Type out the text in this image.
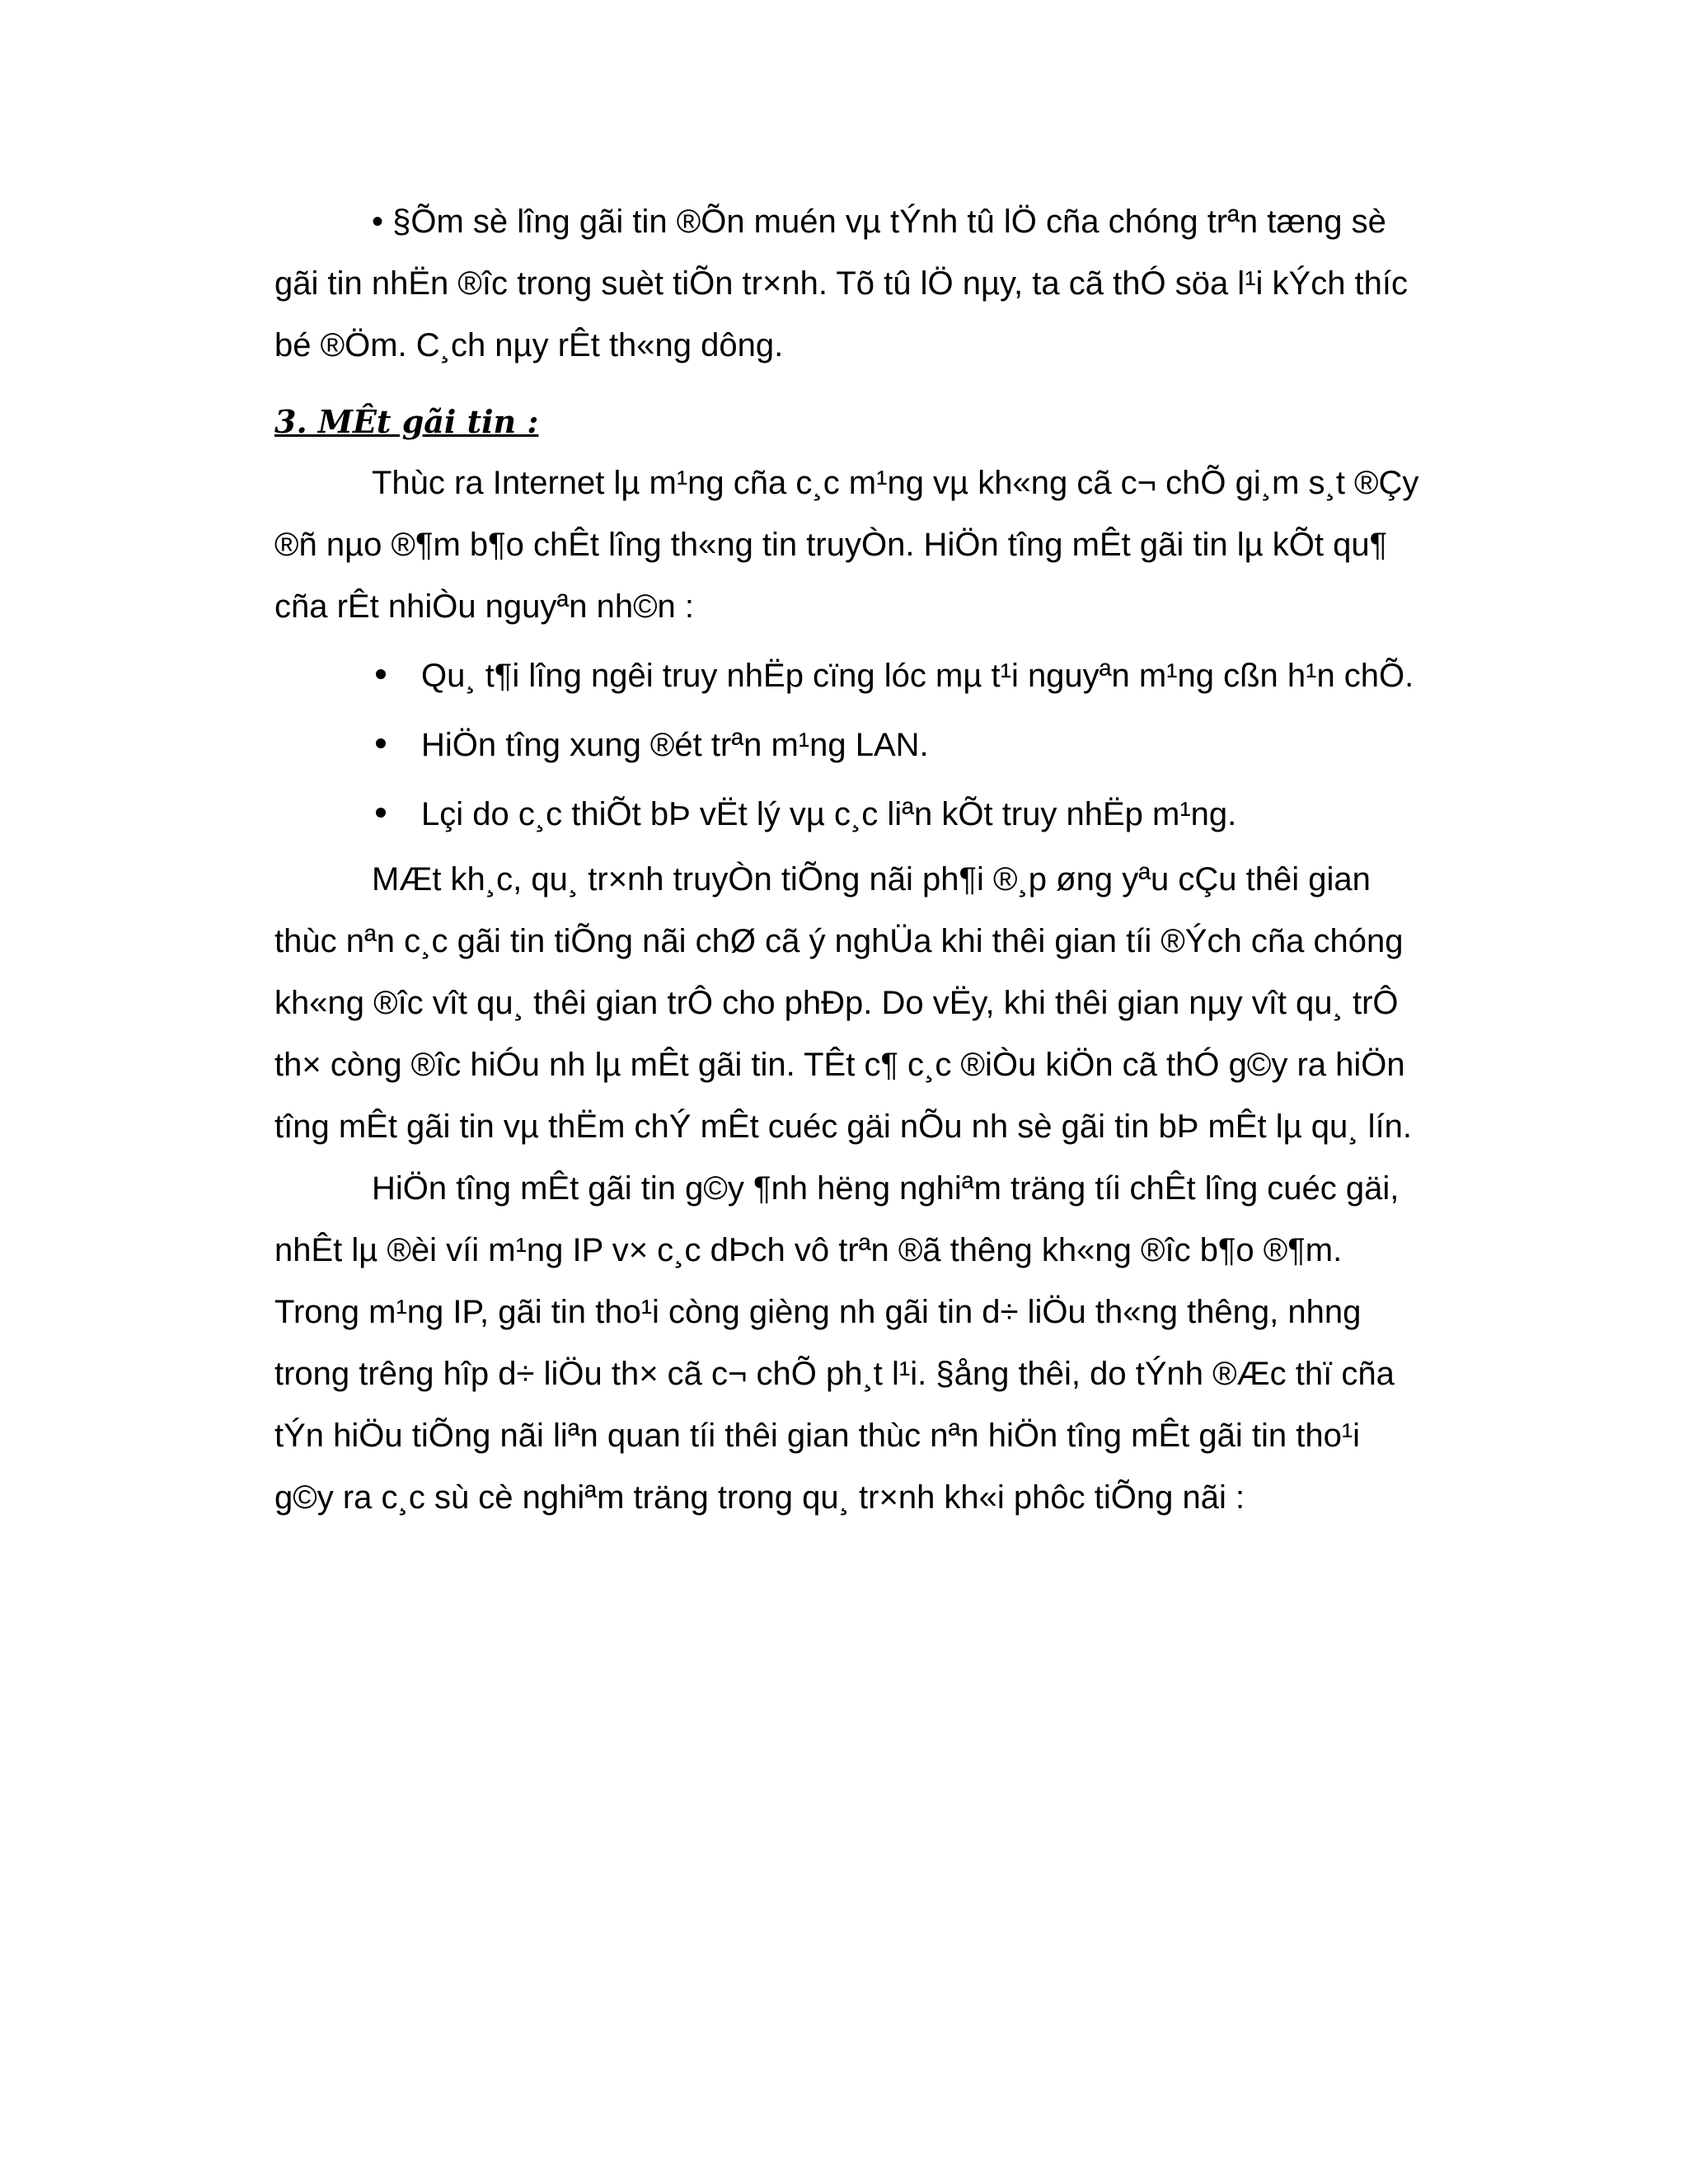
• §Õm sè lîng gãi tin ®Õn muén vµ tÝnh tû lÖ cña chóng trªn tæng sè

gãi tin nhËn ®îc trong suèt tiÕn tr×nh. Tõ tû lÖ nµy, ta cã thÓ söa l¹i kÝch thíc

bé ®Öm. C¸ch nµy rÊt th«ng dông.

3. MÊt gãi tin :

Thùc ra Internet lµ m¹ng cña c¸c m¹ng vµ kh«ng cã c¬ chÕ gi¸m s¸t ®Çy

®ñ nµo ®¶m b¶o chÊt lîng th«ng tin truyÒn. HiÖn tîng mÊt gãi tin lµ kÕt qu¶

cña rÊt nhiÒu nguyªn nh©n :

Qu¸ t¶i lîng ngêi truy nhËp cïng lóc mµ t¹i nguyªn m¹ng cßn h¹n chÕ.
HiÖn tîng xung ®ét trªn m¹ng LAN.
Lçi do c¸c thiÕt bÞ vËt lý vµ c¸c liªn kÕt truy nhËp m¹ng.

MÆt kh¸c, qu¸ tr×nh truyÒn tiÕng nãi ph¶i ®¸p øng yªu cÇu thêi gian

thùc nªn c¸c gãi tin tiÕng nãi chØ cã ý nghÜa khi thêi gian tíi ®Ých cña chóng

kh«ng ®îc vît qu¸ thêi gian trÔ cho phÐp. Do vËy, khi thêi gian nµy vît qu¸ trÔ

th× còng ®îc hiÓu nh lµ mÊt gãi tin. TÊt c¶ c¸c ®iÒu kiÖn cã thÓ g©y ra hiÖn

tîng mÊt gãi tin vµ thËm chÝ mÊt cuéc gäi nÕu nh sè gãi tin bÞ mÊt lµ qu¸ lín.

HiÖn tîng mÊt gãi tin g©y ¶nh hëng nghiªm träng tíi chÊt lîng cuéc gäi,

nhÊt lµ ®èi víi m¹ng IP v× c¸c dÞch vô trªn ®ã thêng kh«ng ®îc b¶o ®¶m.

Trong m¹ng IP, gãi tin tho¹i còng gièng nh gãi tin d÷ liÖu th«ng thêng, nhng

trong trêng hîp d÷ liÖu th× cã c¬ chÕ ph¸t l¹i. §ång thêi, do tÝnh ®Æc thï cña

tÝn hiÖu tiÕng nãi liªn quan tíi thêi gian thùc nªn hiÖn tîng mÊt gãi tin tho¹i

g©y ra c¸c sù cè nghiªm träng trong qu¸ tr×nh kh«i phôc tiÕng nãi :
